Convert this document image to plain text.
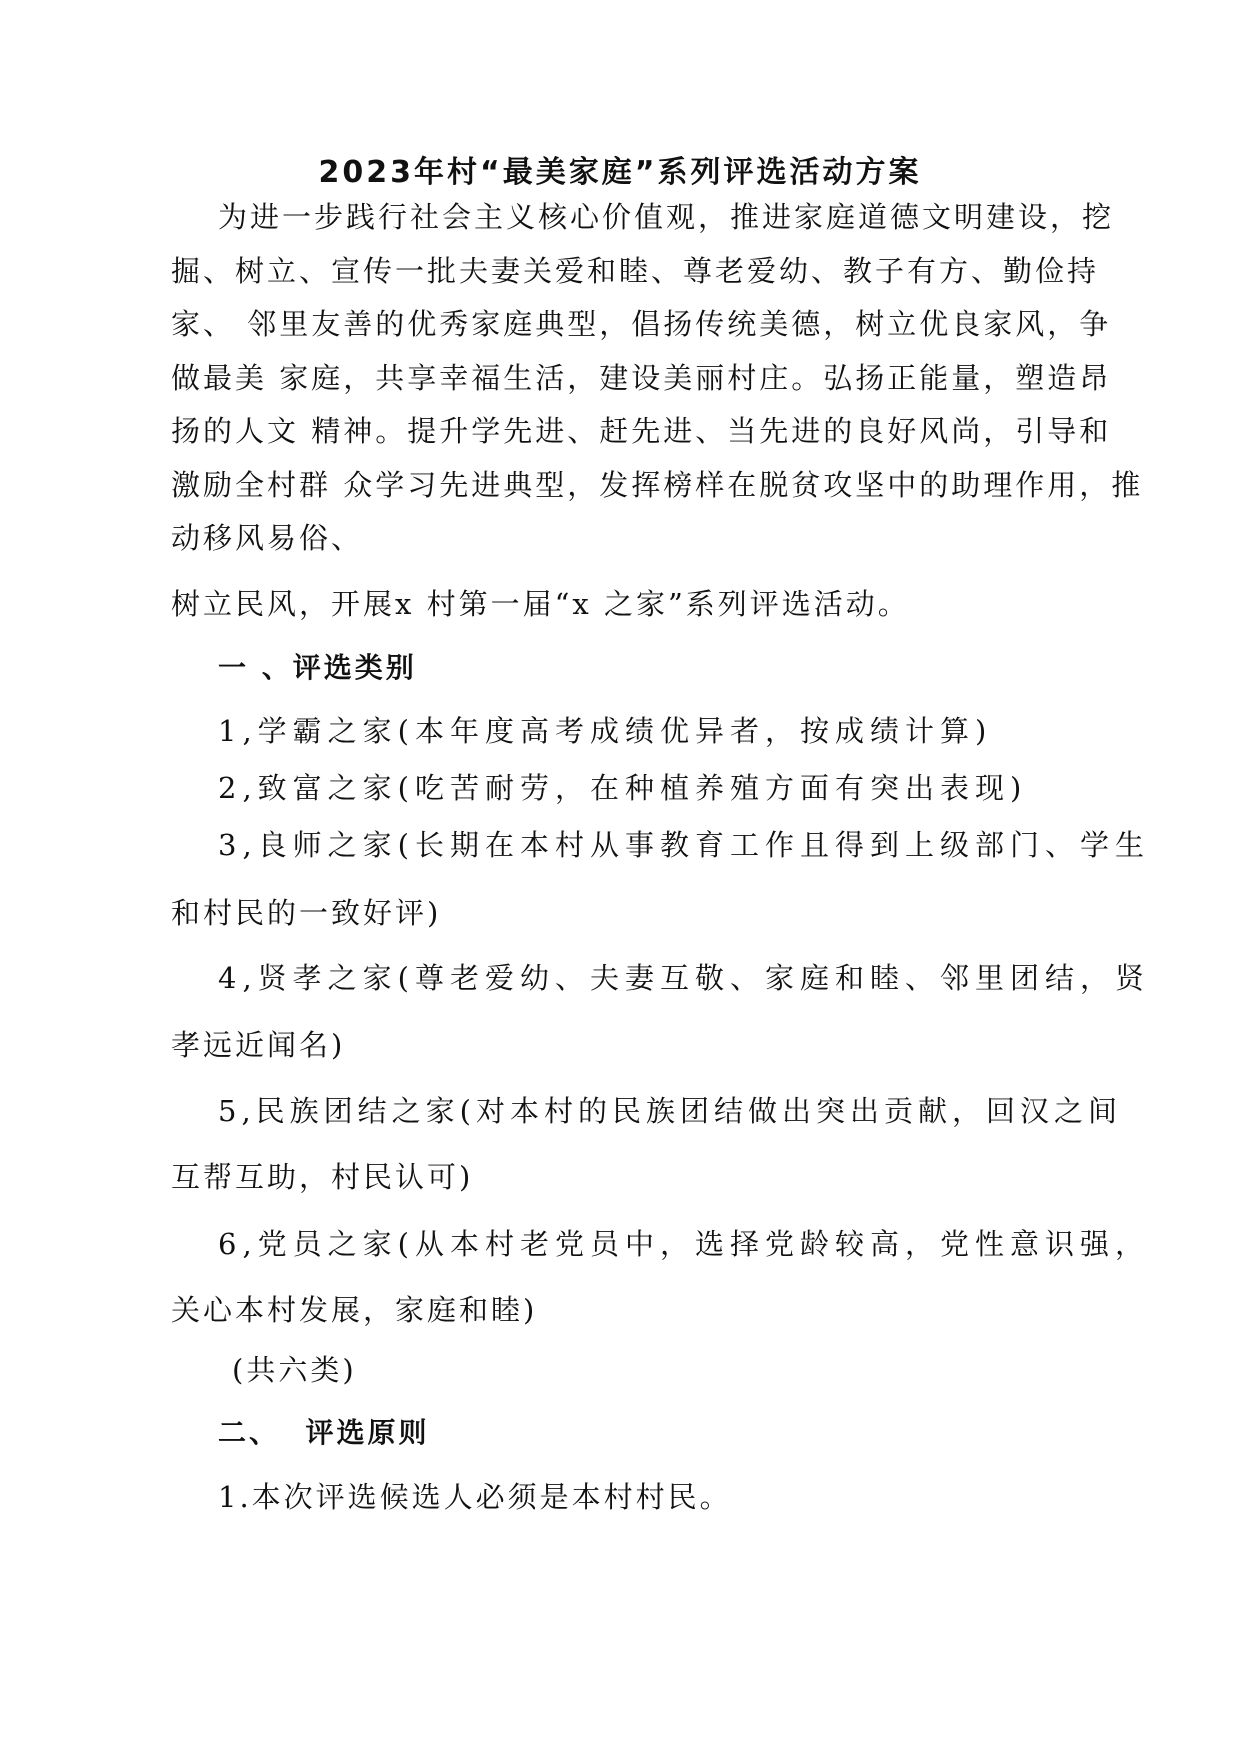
2023年村“最美家庭”系列评选活动方案

为进一步践行社会主义核心价值观，推进家庭道德文明建设，挖

掘、树立、宣传一批夫妻关爱和睦、尊老爱幼、教子有方、勤俭持

家、 邻里友善的优秀家庭典型，倡扬传统美德，树立优良家风，争

做最美 家庭，共享幸福生活，建设美丽村庄。弘扬正能量，塑造昂

扬的人文 精神。提升学先进、赶先进、当先进的良好风尚，引导和

激励全村群 众学习先进典型，发挥榜样在脱贫攻坚中的助理作用，推

动移风易俗、

树立民风，开展x 村第一届“x 之家”系列评选活动。

一 、评选类别

1,学霸之家(本年度高考成绩优异者，按成绩计算)

2,致富之家(吃苦耐劳，在种植养殖方面有突出表现)

3,良师之家(长期在本村从事教育工作且得到上级部门、学生

和村民的一致好评)

4,贤孝之家(尊老爱幼、夫妻互敬、家庭和睦、邻里团结，贤

孝远近闻名)

5,民族团结之家(对本村的民族团结做出突出贡献，回汉之间

互帮互助，村民认可)

6,党员之家(从本村老党员中，选择党龄较高，党性意识强，

关心本村发展，家庭和睦)

(共六类)

二、  评选原则

1.本次评选候选人必须是本村村民。
